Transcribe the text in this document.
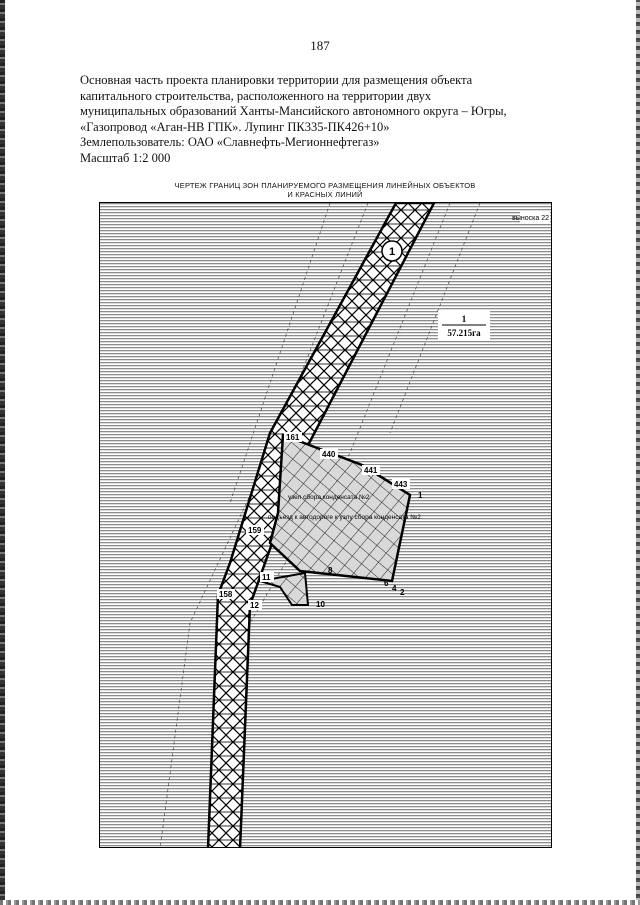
187
Основная часть проекта планировки территории для размещения объекта
капитального строительства, расположенного на территории двух
муниципальных образований Ханты-Мансийского автономного округа – Югры,
«Газопровод «Аган-НВ ГПК». Лупинг ПК335-ПК426+10»
Землепользователь: ОАО «Славнефть-Мегионнефтегаз»
Масштаб 1:2 000
ЧЕРТЕЖ ГРАНИЦ ЗОН ПЛАНИРУЕМОГО РАЗМЕЩЕНИЯ ЛИНЕЙНЫХ ОБЪЕКТОВ
И КРАСНЫХ ЛИНИЙ
1
выноска 22
1
57.215га
узел сбора конденсата №2
подъезд к автодороге к узлу сбора конденсата №2
161
440
441
443
1
159
8
6
4 2
11
158
12	10
